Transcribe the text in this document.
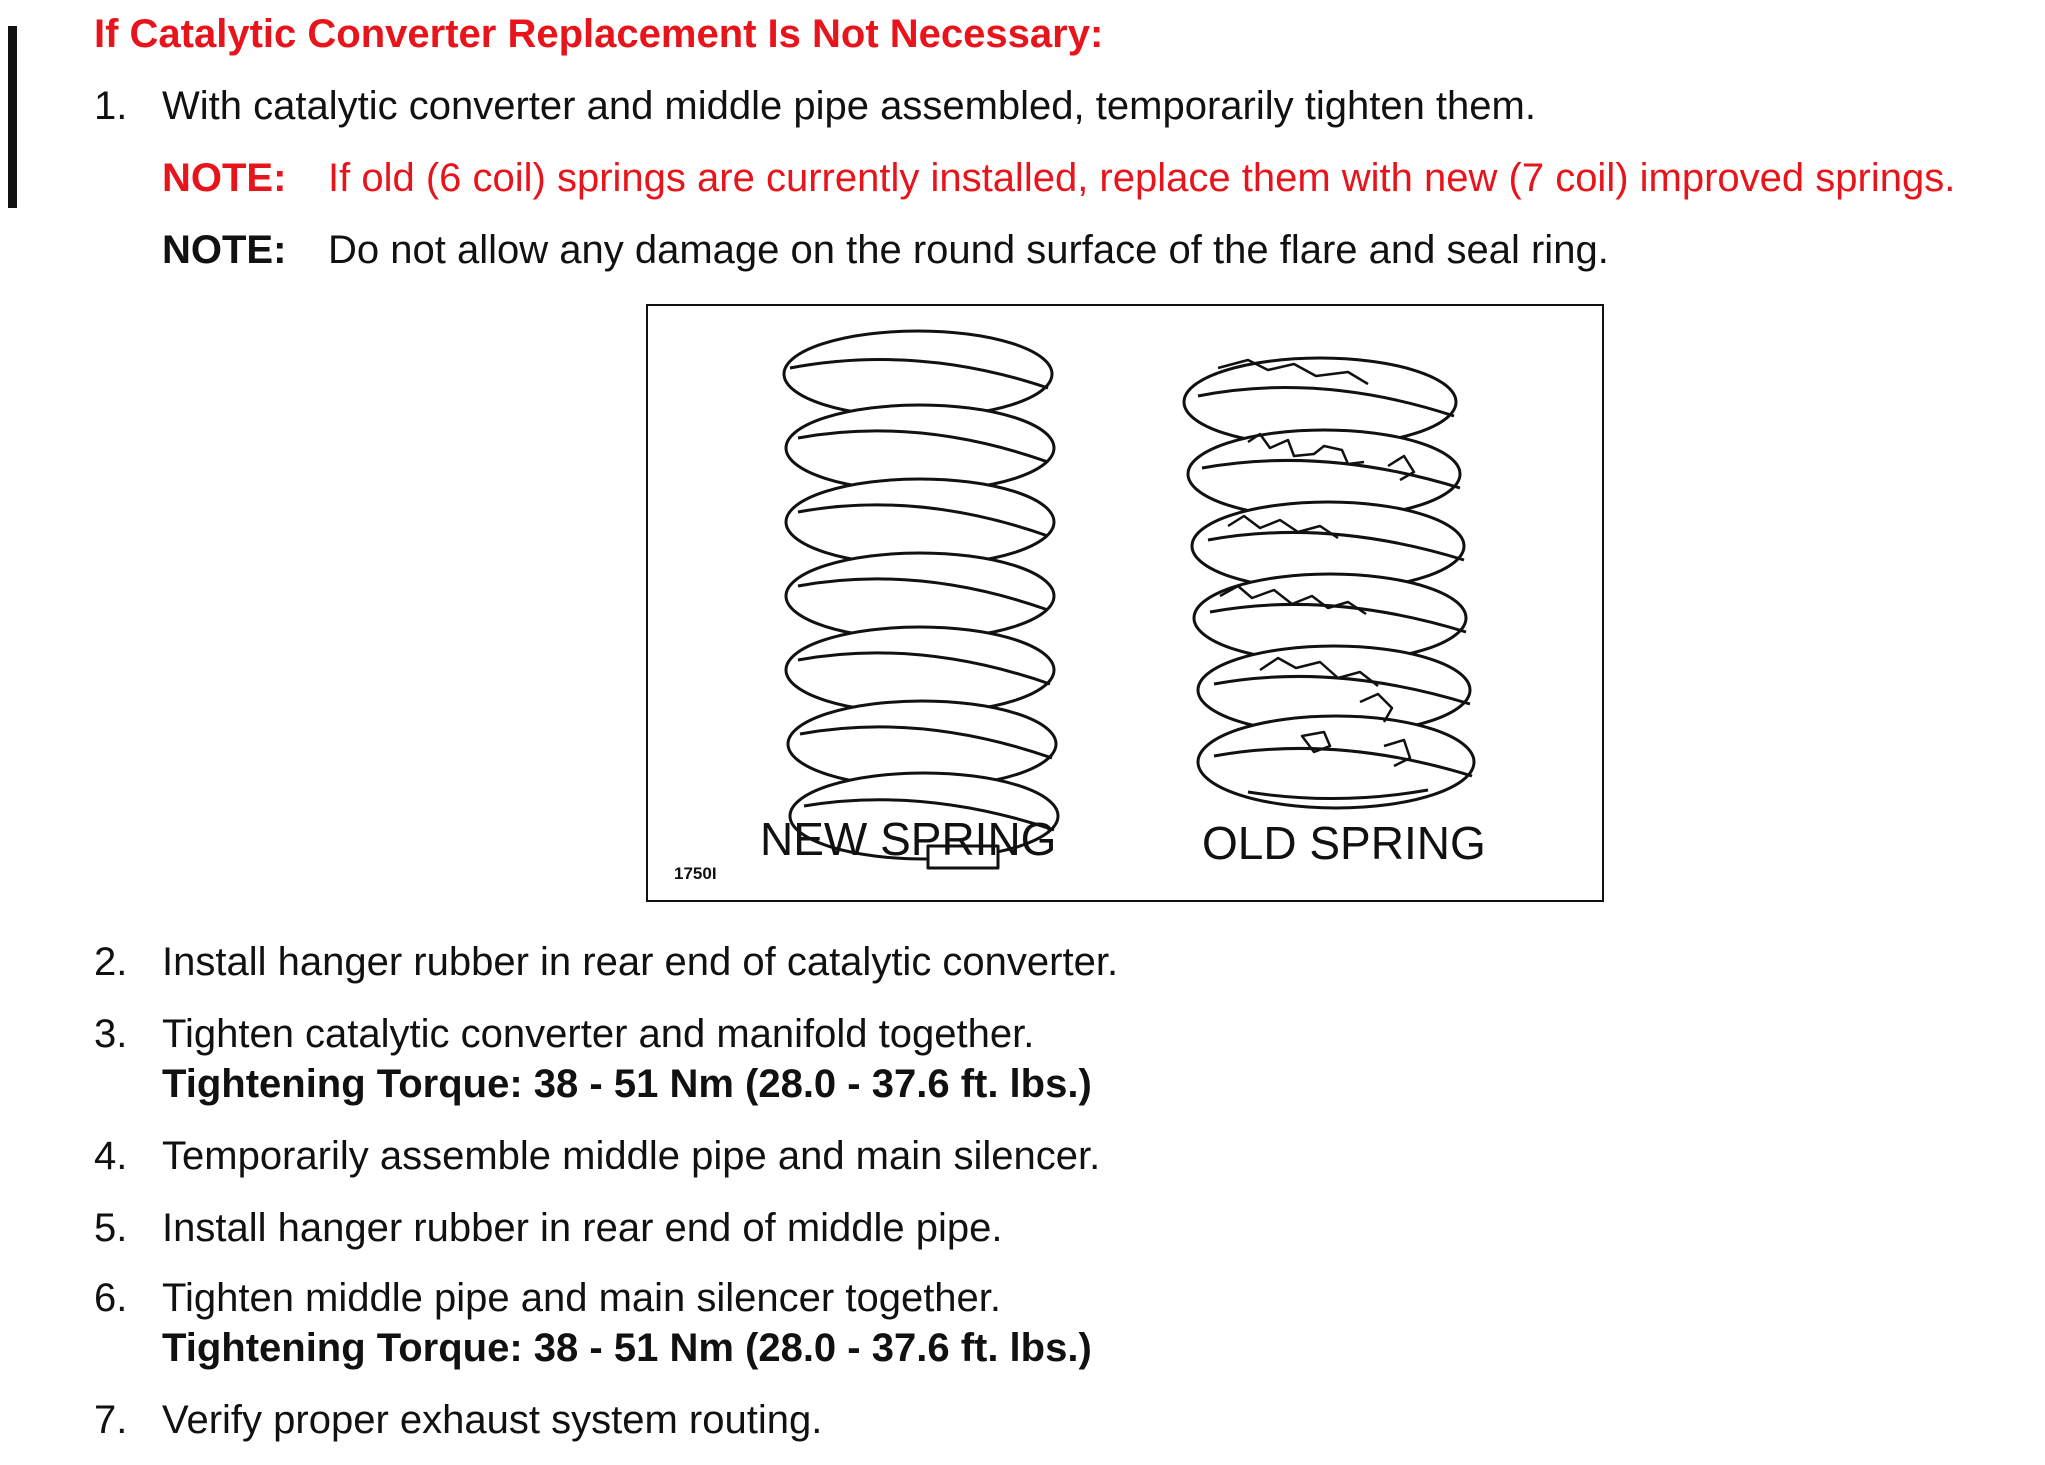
If Catalytic Converter Replacement Is Not Necessary:
1. With catalytic converter and middle pipe assembled, temporarily tighten them.
NOTE: If old (6 coil) springs are currently installed, replace them with new (7 coil) improved springs.
NOTE: Do not allow any damage on the round surface of the flare and seal ring.
NEW SPRING	OLD SPRING
1750I
2. Install hanger rubber in rear end of catalytic converter.
3. Tighten catalytic converter and manifold together.
Tightening Torque: 38 - 51 Nm (28.0 - 37.6 ft. lbs.)
4. Temporarily assemble middle pipe and main silencer.
5. Install hanger rubber in rear end of middle pipe.
6. Tighten middle pipe and main silencer together.
Tightening Torque: 38 - 51 Nm (28.0 - 37.6 ft. lbs.)
7. Verify proper exhaust system routing.
